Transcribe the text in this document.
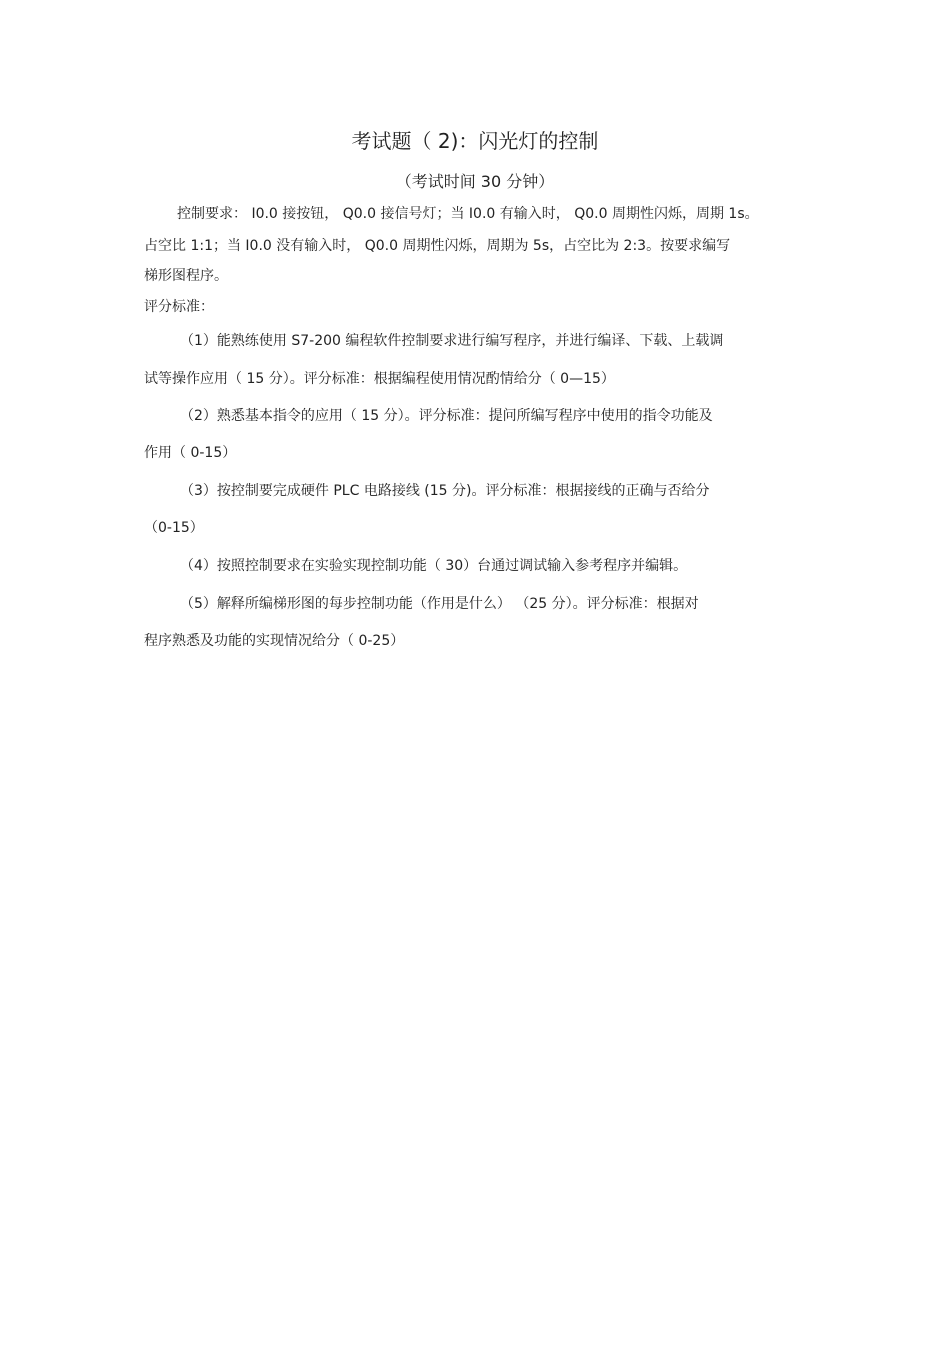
考试题（ 2)：闪光灯的控制
（考试时间 30 分钟）
控制要求： I0.0 接按钮， Q0.0 接信号灯；当 I0.0 有输入时， Q0.0 周期性闪烁，周期 1s。
占空比 1:1；当 I0.0 没有输入时， Q0.0 周期性闪烁，周期为 5s，占空比为 2:3。按要求编写
梯形图程序。
评分标准：
（1）能熟练使用 S7-200 编程软件控制要求进行编写程序，并进行编译、下载、上载调
试等操作应用（ 15 分）。评分标准：根据编程使用情况酌情给分（ 0—15）
（2）熟悉基本指令的应用（ 15 分）。评分标准：提问所编写程序中使用的指令功能及
作用（ 0-15）
（3）按控制要完成硬件 PLC 电路接线 (15 分)。评分标准：根据接线的正确与否给分
（0-15）
（4）按照控制要求在实验实现控制功能（ 30）台通过调试输入参考程序并编辑。
（5）解释所编梯形图的每步控制功能（作用是什么） （25 分）。评分标准：根据对
程序熟悉及功能的实现情况给分（ 0-25）
